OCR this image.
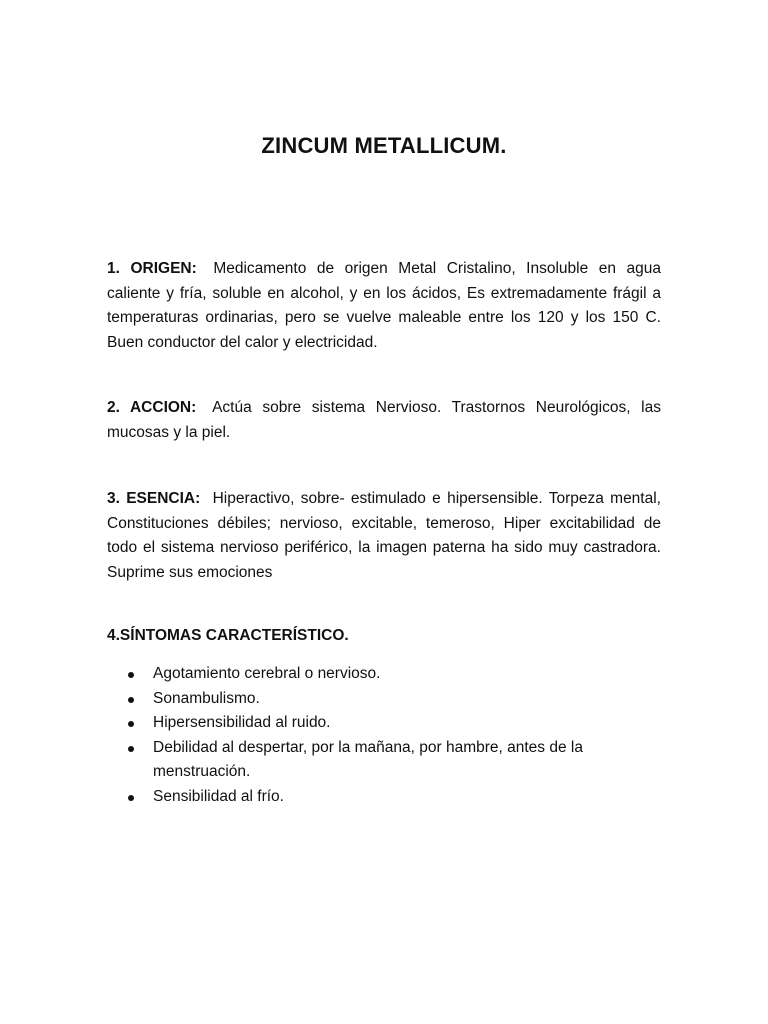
ZINCUM METALLICUM.
1. ORIGEN: Medicamento de origen Metal Cristalino, Insoluble en agua caliente y fría, soluble en alcohol, y en los ácidos, Es extremadamente frágil a temperaturas ordinarias, pero se vuelve maleable entre los 120 y los 150 C. Buen conductor del calor y electricidad.
2. ACCION: Actúa sobre sistema Nervioso. Trastornos Neurológicos, las mucosas y la piel.
3. ESENCIA: Hiperactivo, sobre- estimulado e hipersensible. Torpeza mental, Constituciones débiles; nervioso, excitable, temeroso, Hiper excitabilidad de todo el sistema nervioso periférico, la imagen paterna ha sido muy castradora. Suprime sus emociones
4.SÍNTOMAS CARACTERÍSTICO.
Agotamiento cerebral o nervioso.
Sonambulismo.
Hipersensibilidad al ruido.
Debilidad al despertar, por la mañana, por hambre, antes de la menstruación.
Sensibilidad al frío.
